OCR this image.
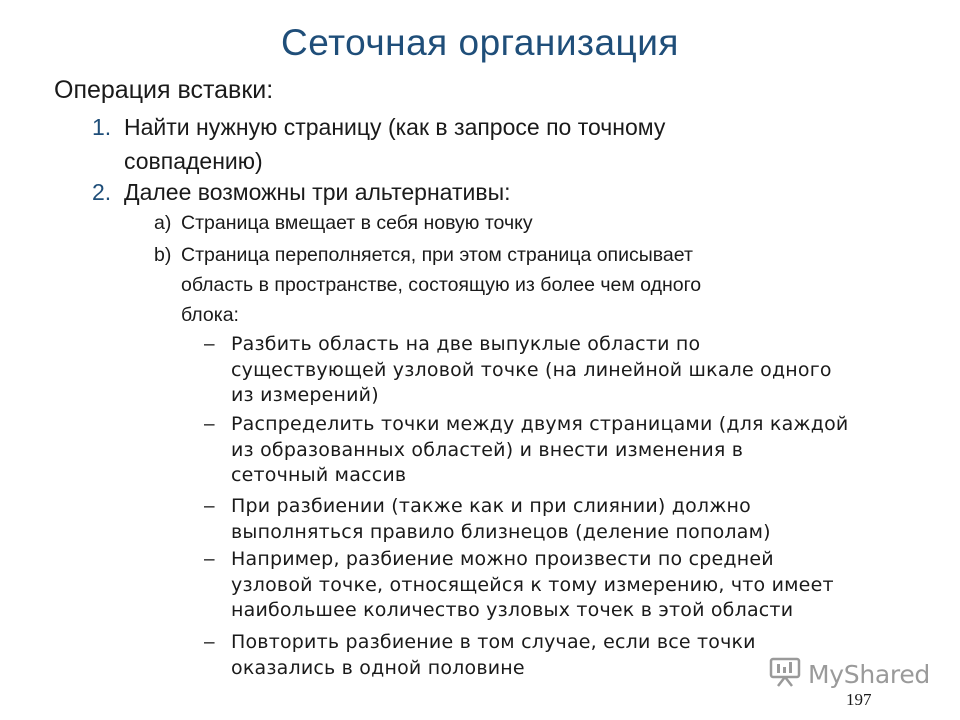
Сеточная организация
Операция вставки:
1. Найти нужную страницу (как в запросе по точному
совпадению)
2. Далее возможны три альтернативы:
a) Страница вмещает в себя новую точку
b) Страница переполняется, при этом страница описывает
область в пространстве, состоящую из более чем одного
блока:
– Разбить область на две выпуклые области по
существующей узловой точке (на линейной шкале одного
из измерений)
– Распределить точки между двумя страницами (для каждой
из образованных областей) и внести изменения в
сеточный массив
– При разбиении (также как и при слиянии) должно
выполняться правило близнецов (деление пополам)
– Например, разбиение можно произвести по средней
узловой точке, относящейся к тому измерению, что имеет
наибольшее количество узловых точек в этой области
– Повторить разбиение в том случае, если все точки
оказались в одной половине	MyShared
197
